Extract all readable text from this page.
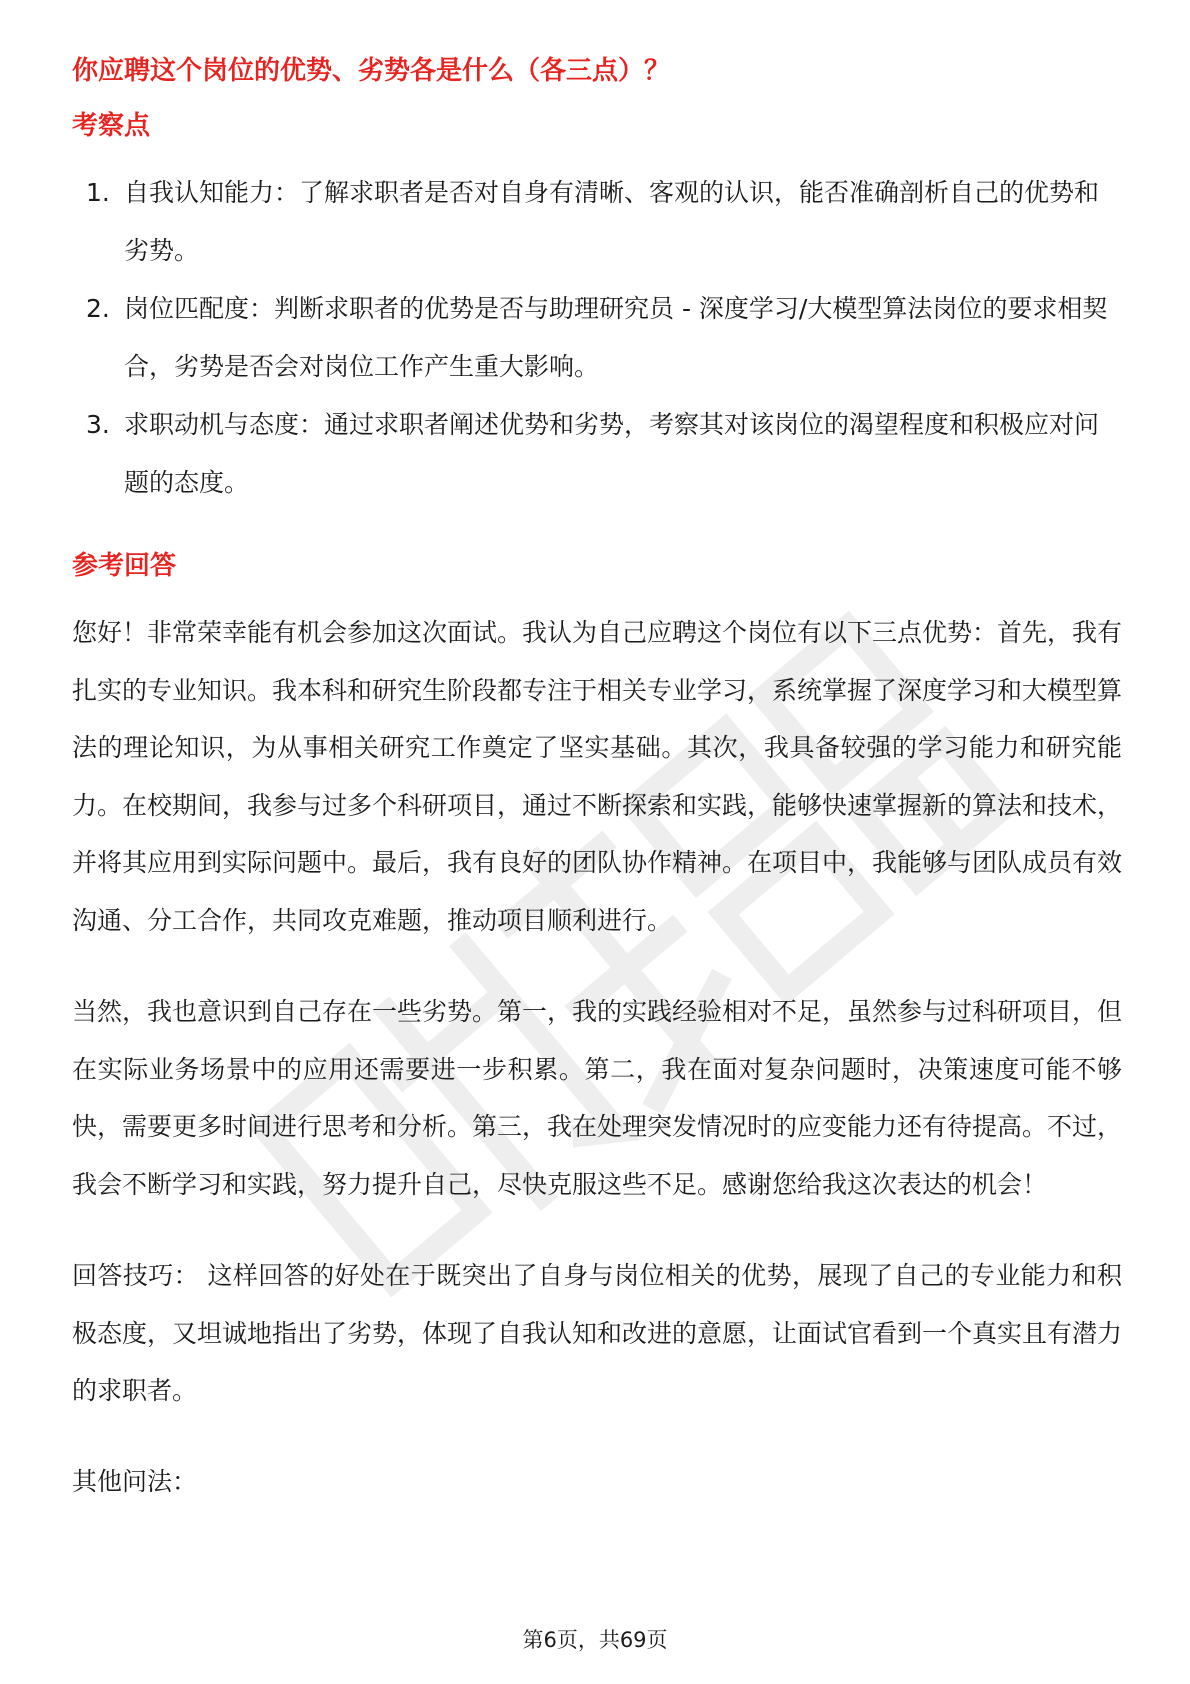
你应聘这个岗位的优势、劣势各是什么（各三点）？
考察点
1. 自我认知能力：了解求职者是否对自身有清晰、客观的认识，能否准确剖析自己的优势和劣势。
2. 岗位匹配度：判断求职者的优势是否与助理研究员 - 深度学习/大模型算法岗位的要求相契合，劣势是否会对岗位工作产生重大影响。
3. 求职动机与态度：通过求职者阐述优势和劣势，考察其对该岗位的渴望程度和积极应对问题的态度。
参考回答

您好！非常荣幸能有机会参加这次面试。我认为自己应聘这个岗位有以下三点优势：首先，我有扎实的专业知识。我本科和研究生阶段都专注于相关专业学习，系统掌握了深度学习和大模型算法的理论知识，为从事相关研究工作奠定了坚实基础。其次，我具备较强的学习能力和研究能力。在校期间，我参与过多个科研项目，通过不断探索和实践，能够快速掌握新的算法和技术，并将其应用到实际问题中。最后，我有良好的团队协作精神。在项目中，我能够与团队成员有效沟通、分工合作，共同攻克难题，推动项目顺利进行。

当然，我也意识到自己存在一些劣势。第一，我的实践经验相对不足，虽然参与过科研项目，但在实际业务场景中的应用还需要进一步积累。第二，我在面对复杂问题时，决策速度可能不够快，需要更多时间进行思考和分析。第三，我在处理突发情况时的应变能力还有待提高。不过，我会不断学习和实践，努力提升自己，尽快克服这些不足。感谢您给我这次表达的机会！

回答技巧： 这样回答的好处在于既突出了自身与岗位相关的优势，展现了自己的专业能力和积极态度，又坦诚地指出了劣势，体现了自我认知和改进的意愿，让面试官看到一个真实且有潜力的求职者。

其他问法：

第6页，共69页
